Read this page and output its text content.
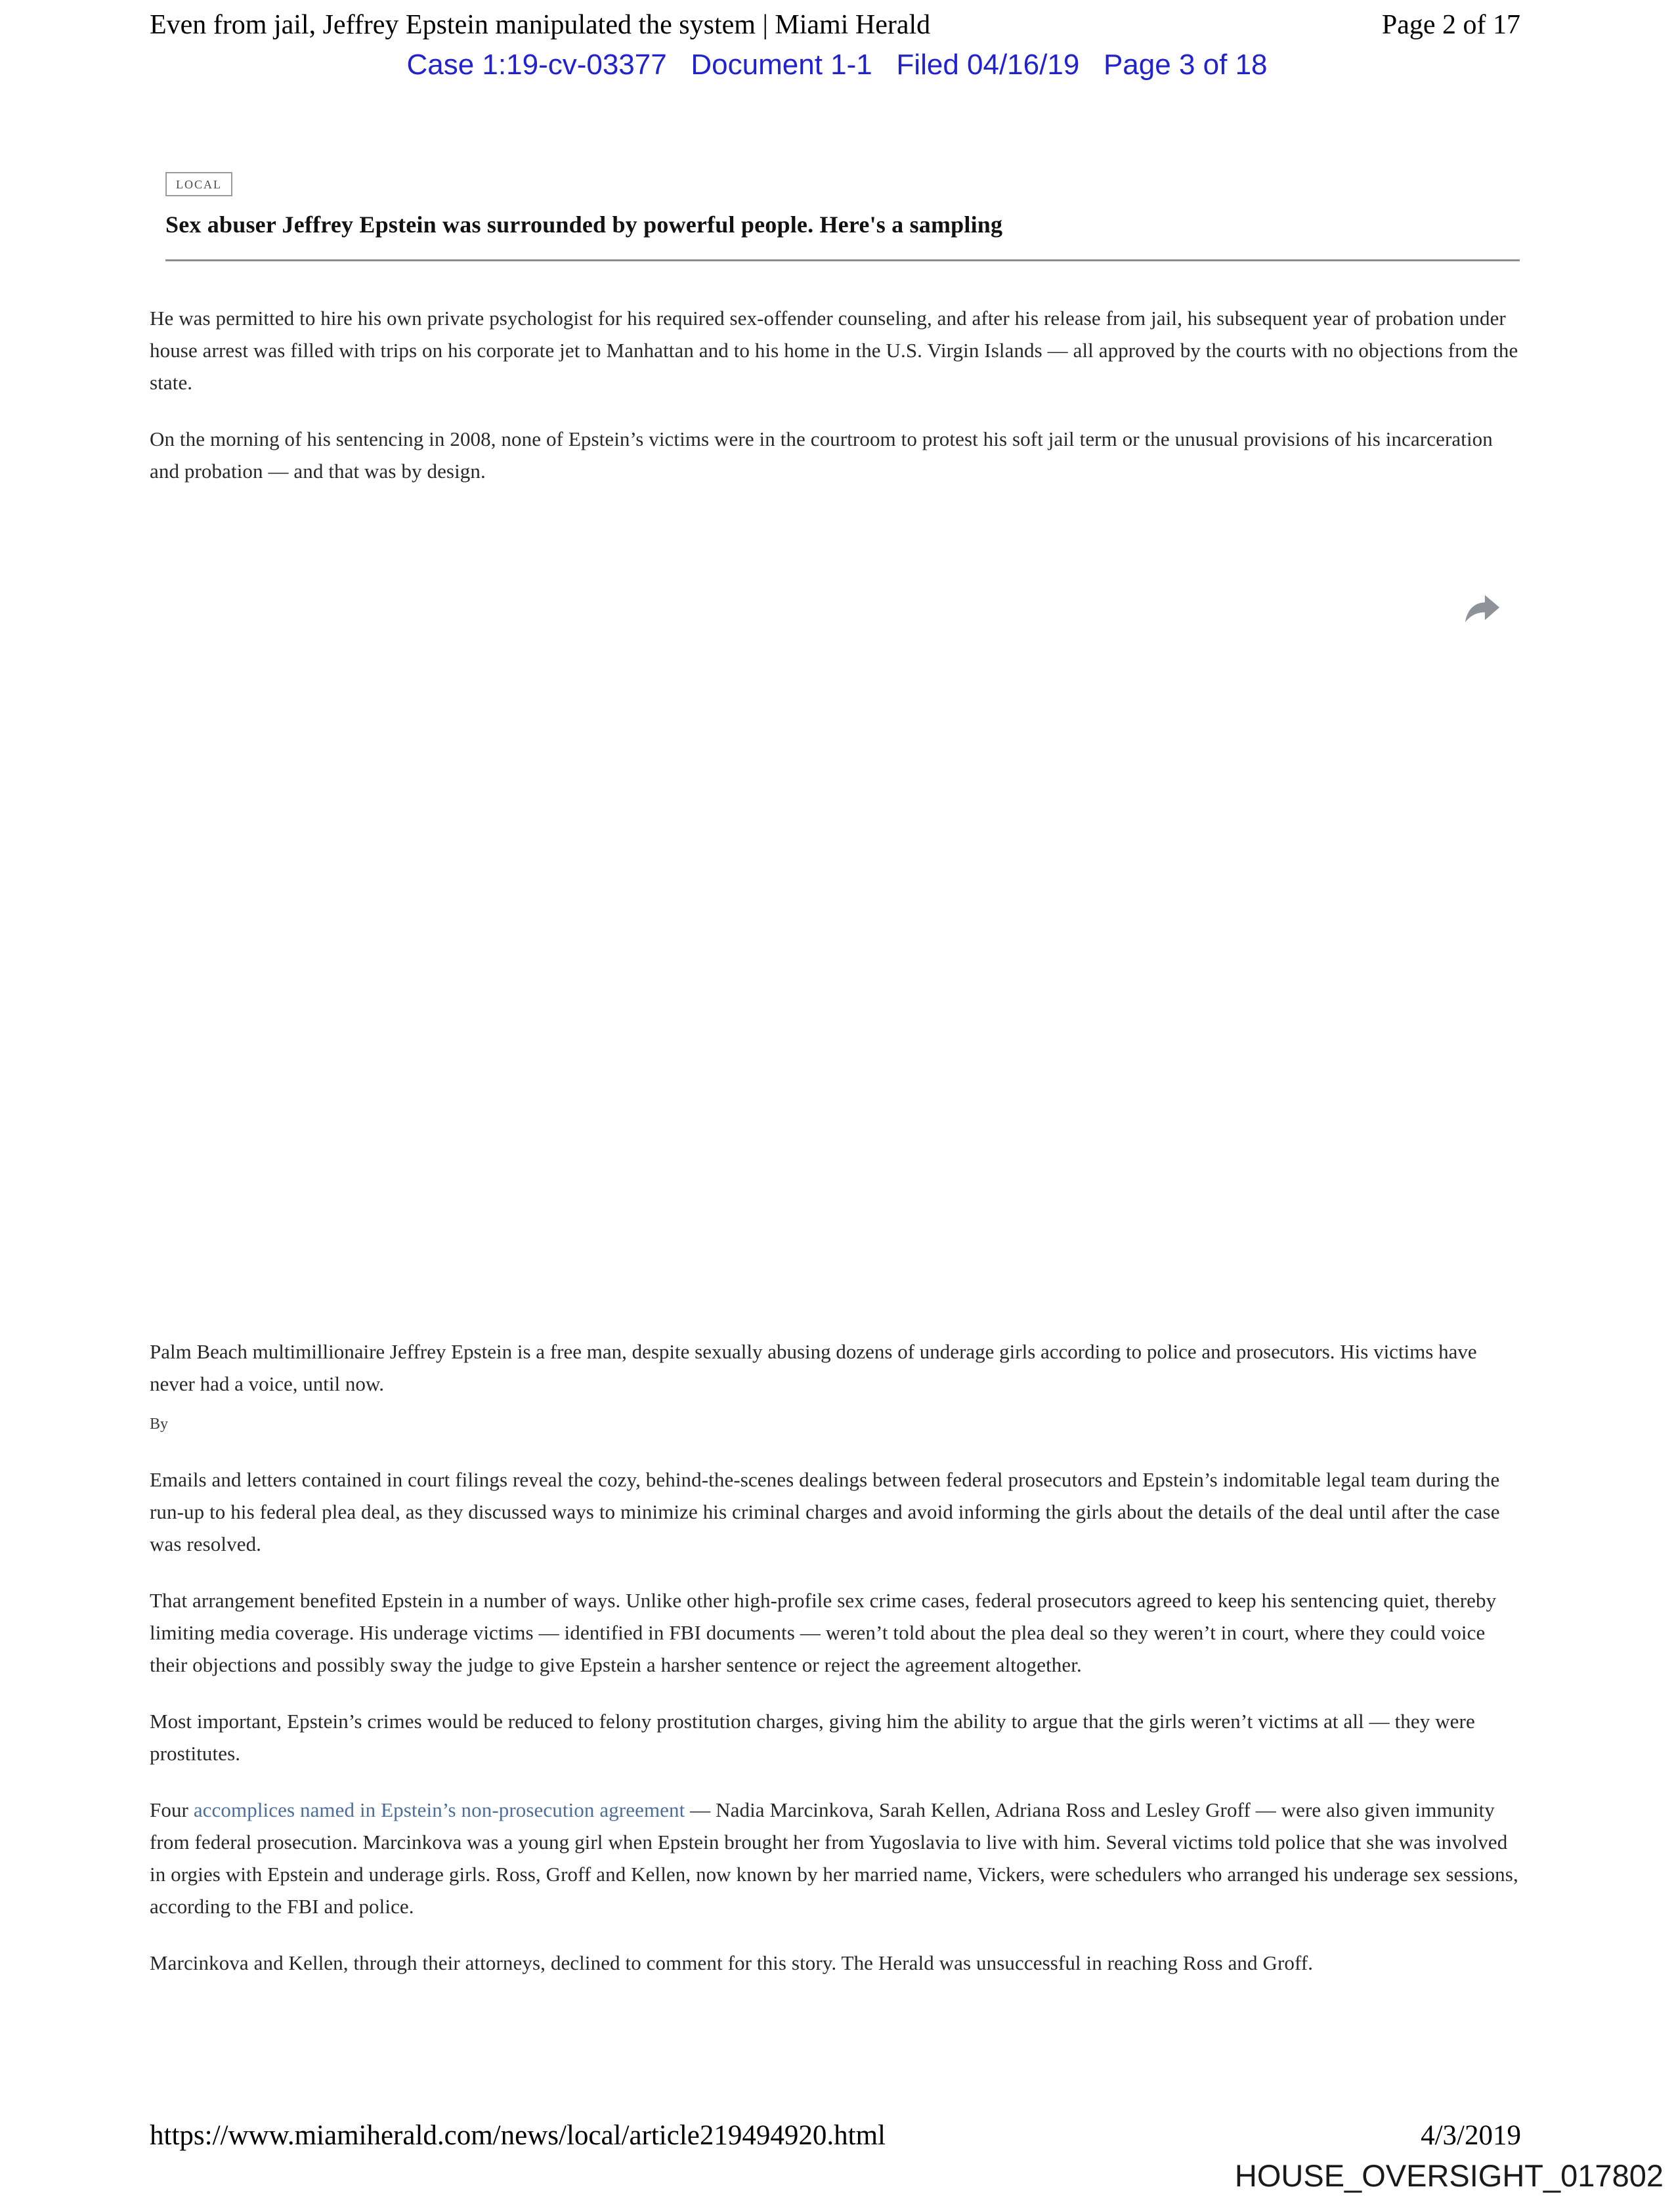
Even from jail, Jeffrey Epstein manipulated the system | Miami Herald	Page 2 of 17
Case 1:19-cv-03377   Document 1-1   Filed 04/16/19   Page 3 of 18
LOCAL
Sex abuser Jeffrey Epstein was surrounded by powerful people. Here's a sampling

He was permitted to hire his own private psychologist for his required sex-offender counseling, and after his release from jail, his subsequent year of probation under house arrest was filled with trips on his corporate jet to Manhattan and to his home in the U.S. Virgin Islands — all approved by the courts with no objections from the state.

On the morning of his sentencing in 2008, none of Epstein’s victims were in the courtroom to protest his soft jail term or the unusual provisions of his incarceration and probation — and that was by design.

Palm Beach multimillionaire Jeffrey Epstein is a free man, despite sexually abusing dozens of underage girls according to police and prosecutors. His victims have never had a voice, until now.

By

Emails and letters contained in court filings reveal the cozy, behind-the-scenes dealings between federal prosecutors and Epstein’s indomitable legal team during the run-up to his federal plea deal, as they discussed ways to minimize his criminal charges and avoid informing the girls about the details of the deal until after the case was resolved.

That arrangement benefited Epstein in a number of ways. Unlike other high-profile sex crime cases, federal prosecutors agreed to keep his sentencing quiet, thereby limiting media coverage. His underage victims — identified in FBI documents — weren’t told about the plea deal so they weren’t in court, where they could voice their objections and possibly sway the judge to give Epstein a harsher sentence or reject the agreement altogether.

Most important, Epstein’s crimes would be reduced to felony prostitution charges, giving him the ability to argue that the girls weren’t victims at all — they were prostitutes.

Four accomplices named in Epstein’s non-prosecution agreement — Nadia Marcinkova, Sarah Kellen, Adriana Ross and Lesley Groff — were also given immunity from federal prosecution. Marcinkova was a young girl when Epstein brought her from Yugoslavia to live with him. Several victims told police that she was involved in orgies with Epstein and underage girls. Ross, Groff and Kellen, now known by her married name, Vickers, were schedulers who arranged his underage sex sessions, according to the FBI and police.

Marcinkova and Kellen, through their attorneys, declined to comment for this story. The Herald was unsuccessful in reaching Ross and Groff.

https://www.miamiherald.com/news/local/article219494920.html	4/3/2019
HOUSE_OVERSIGHT_017802
